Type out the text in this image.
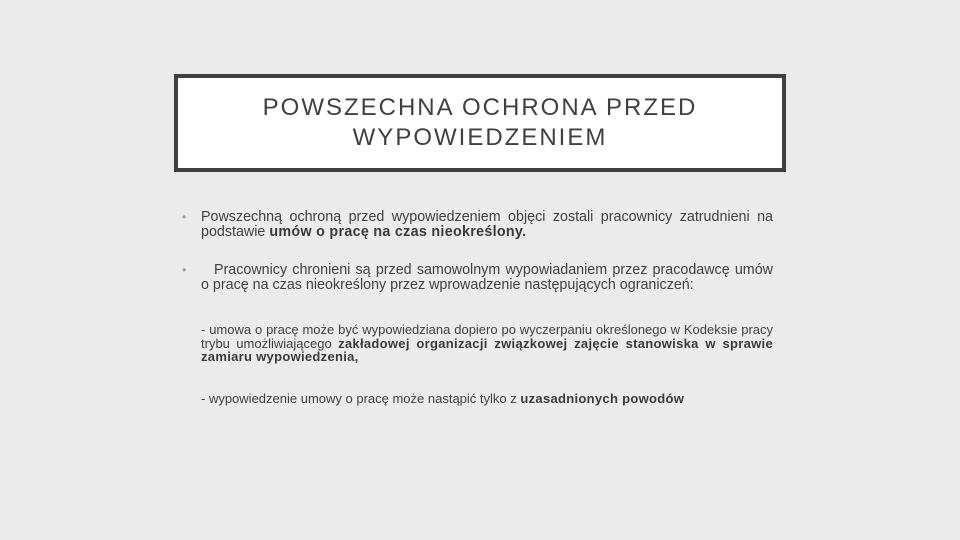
POWSZECHNA OCHRONA PRZED
WYPOWIEDZENIEM
• Powszechną ochroną przed wypowiedzeniem objęci zostali pracownicy zatrudnieni na podstawie umów o pracę na czas nieokreślony.
• Pracownicy chronieni są przed samowolnym wypowiadaniem przez pracodawcę umów o pracę na czas nieokreślony przez wprowadzenie następujących ograniczeń:
- umowa o pracę może być wypowiedziana dopiero po wyczerpaniu określonego w Kodeksie pracy trybu umożliwiającego zakładowej organizacji związkowej zajęcie stanowiska w sprawie zamiaru wypowiedzenia,
- wypowiedzenie umowy o pracę może nastąpić tylko z uzasadnionych powodów
